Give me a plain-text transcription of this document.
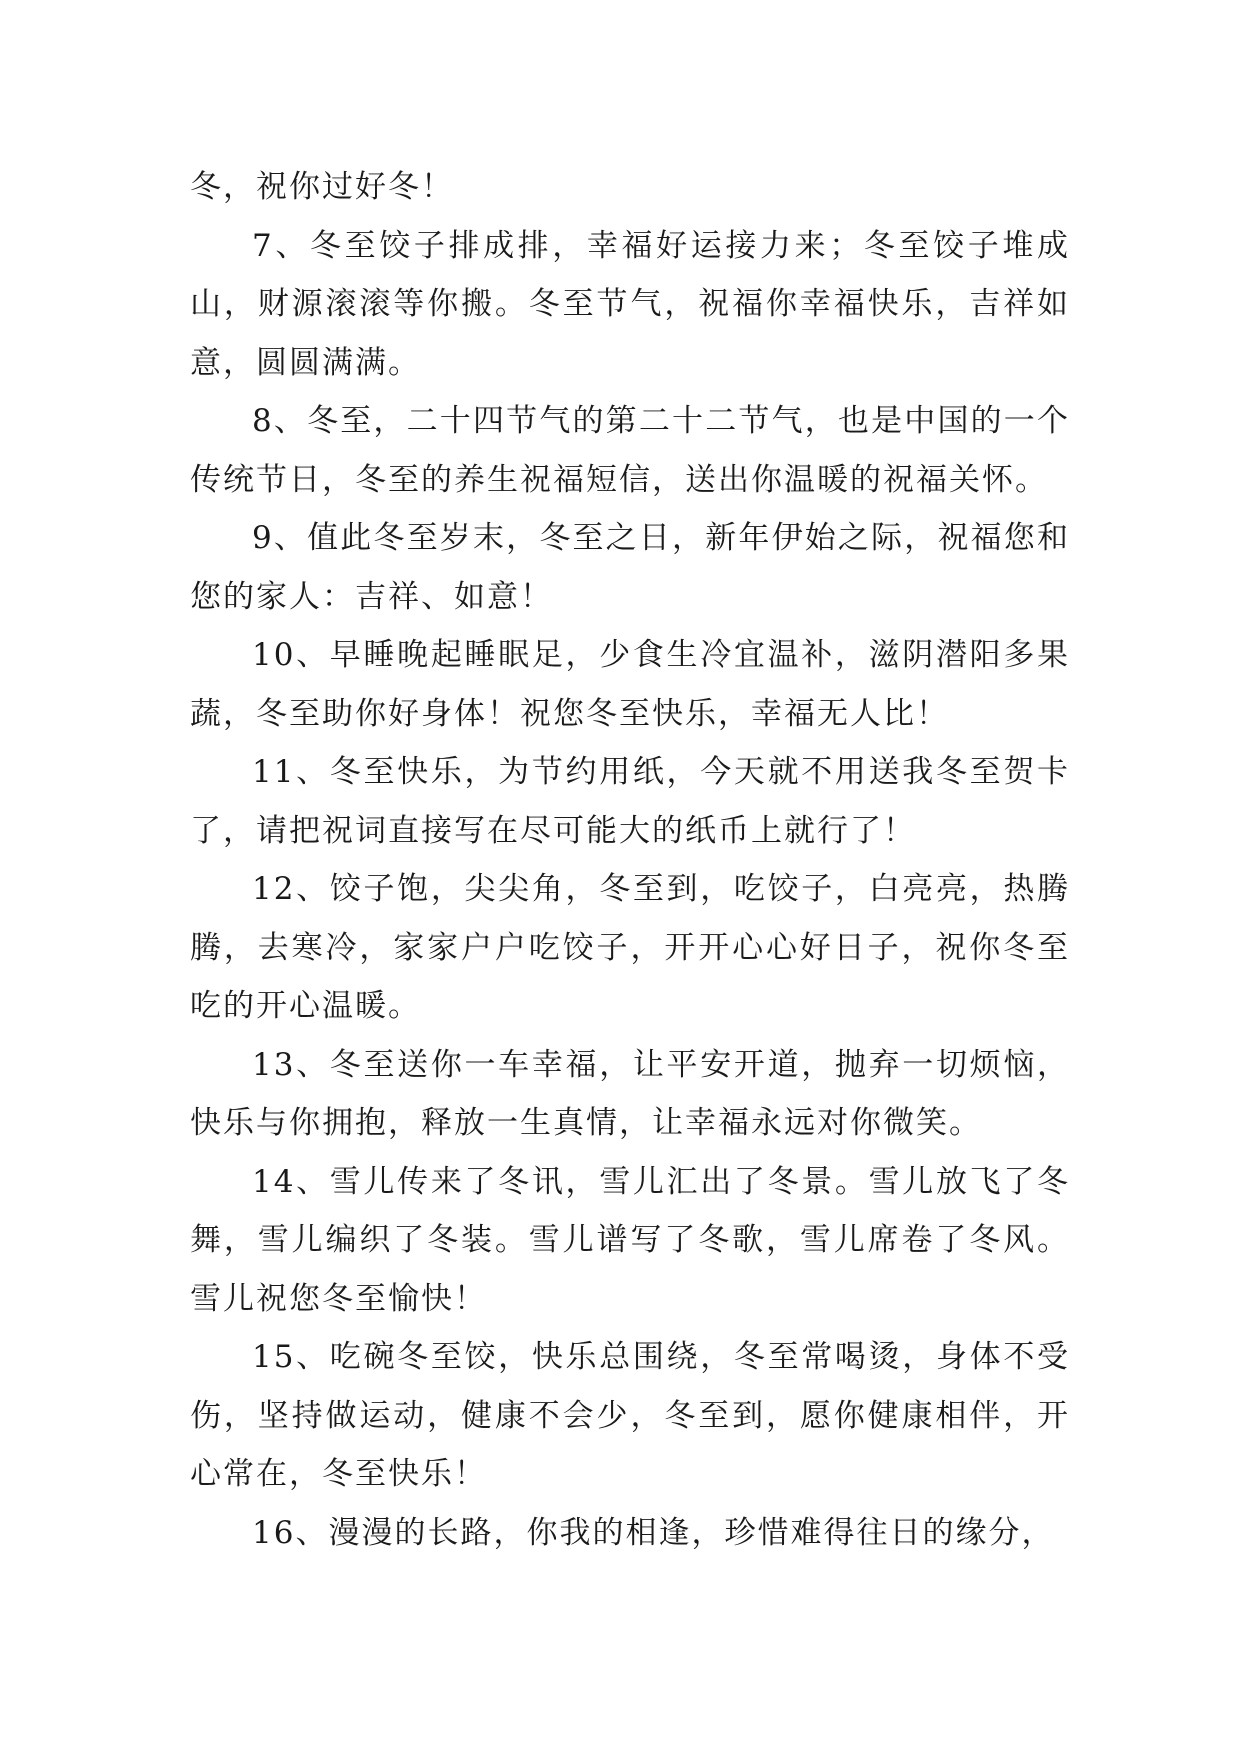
冬，祝你过好冬！

7、冬至饺子排成排，幸福好运接力来；冬至饺子堆成山，财源滚滚等你搬。冬至节气，祝福你幸福快乐，吉祥如意，圆圆满满。

8、冬至，二十四节气的第二十二节气，也是中国的一个传统节日，冬至的养生祝福短信，送出你温暖的祝福关怀。

9、值此冬至岁末，冬至之日，新年伊始之际，祝福您和您的家人：吉祥、如意！

10、早睡晚起睡眠足，少食生冷宜温补，滋阴潜阳多果蔬，冬至助你好身体！祝您冬至快乐，幸福无人比！

11、冬至快乐，为节约用纸，今天就不用送我冬至贺卡了，请把祝词直接写在尽可能大的纸币上就行了！

12、饺子饱，尖尖角，冬至到，吃饺子，白亮亮，热腾腾，去寒冷，家家户户吃饺子，开开心心好日子，祝你冬至吃的开心温暖。

13、冬至送你一车幸福，让平安开道，抛弃一切烦恼，快乐与你拥抱，释放一生真情，让幸福永远对你微笑。

14、雪儿传来了冬讯，雪儿汇出了冬景。雪儿放飞了冬舞，雪儿编织了冬装。雪儿谱写了冬歌，雪儿席卷了冬风。雪儿祝您冬至愉快！

15、吃碗冬至饺，快乐总围绕，冬至常喝烫，身体不受伤，坚持做运动，健康不会少，冬至到，愿你健康相伴，开心常在，冬至快乐！

16、漫漫的长路，你我的相逢，珍惜难得往日的缘分，
